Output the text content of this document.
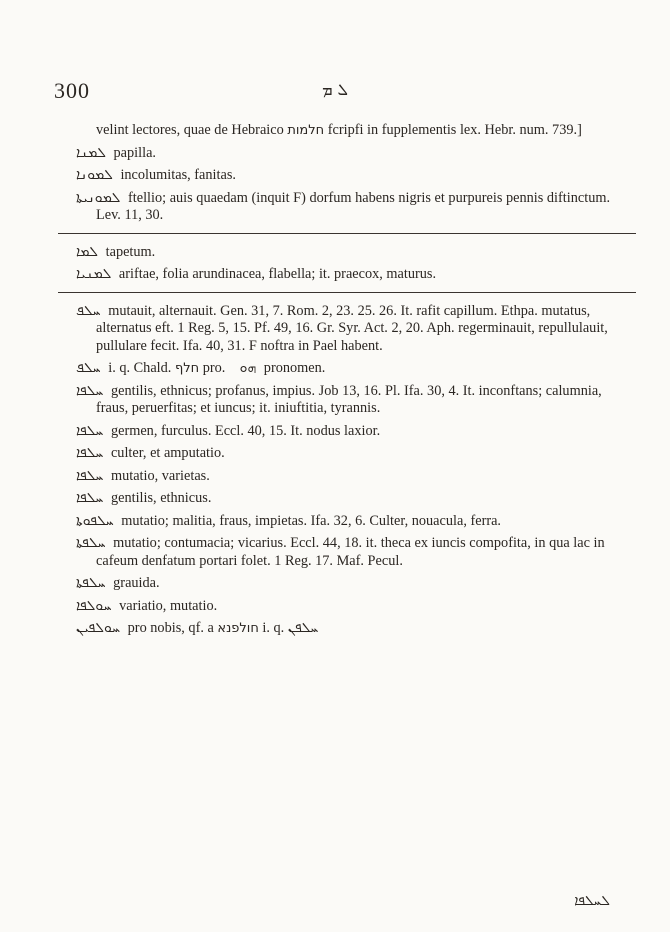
300	ܠ ܡ

velint lectores, quae de Hebraico חלמות fcripfi in fupplementis lex. Hebr. num. 739.]

ܠܡܢܐ papilla.

ܠܡܘܢܐ incolumitas, fanitas.

ܠܡܘܢܝܬܐ ftellio; auis quaedam (inquit F) dorfum habens nigris et purpureis pennis diftinctum. Lev. 11, 30.

ܠܡܐ tapetum.

ܠܡܢܝܐ ariftae, folia arundinacea, flabella; it. praecox, maturus.

ܚܠܦ mutauit, alternauit. Gen. 31, 7. Rom. 2, 23. 25. 26. It. rafit capillum. Ethpa. mutatus, alternatus eft. 1 Reg. 5, 15. Pf. 49, 16. Gr. Syr. Act. 2, 20. Aph. regerminauit, repullulauit, pullulare fecit. Ifa. 40, 31. F noftra in Pael habent.

ܚܠܦ i. q. Chald. חלף pro. ܗܘ pronomen.

ܚܠܦܐ gentilis, ethnicus; profanus, impius. Job 13, 16. Pl. Ifa. 30, 4. It. inconftans; calumnia, fraus, peruerfitas; et iuncus; it. iniuftitia, tyrannis.

ܚܠܦܐ germen, furculus. Eccl. 40, 15. It. nodus laxior.

ܚܠܦܐ culter, et amputatio.

ܚܠܦܐ mutatio, varietas.

ܚܠܦܐ gentilis, ethnicus.

ܚܠܦܘܬܐ mutatio; malitia, fraus, impietas. Ifa. 32, 6. Culter, nouacula, ferra.

ܚܠܦܬܐ mutatio; contumacia; vicarius. Eccl. 44, 18. it. theca ex iuncis compofita, in qua lac in cafeum denfatum portari folet. 1 Reg. 17. Maf. Pecul.

ܚܠܦܬܐ grauida.

ܚܘܠܦܐ variatio, mutatio.

ܚܘܠܦܝܢ pro nobis, qf. a חולפנא i. q. ܚܠܦܢ

ܠܚܠܦܐ
